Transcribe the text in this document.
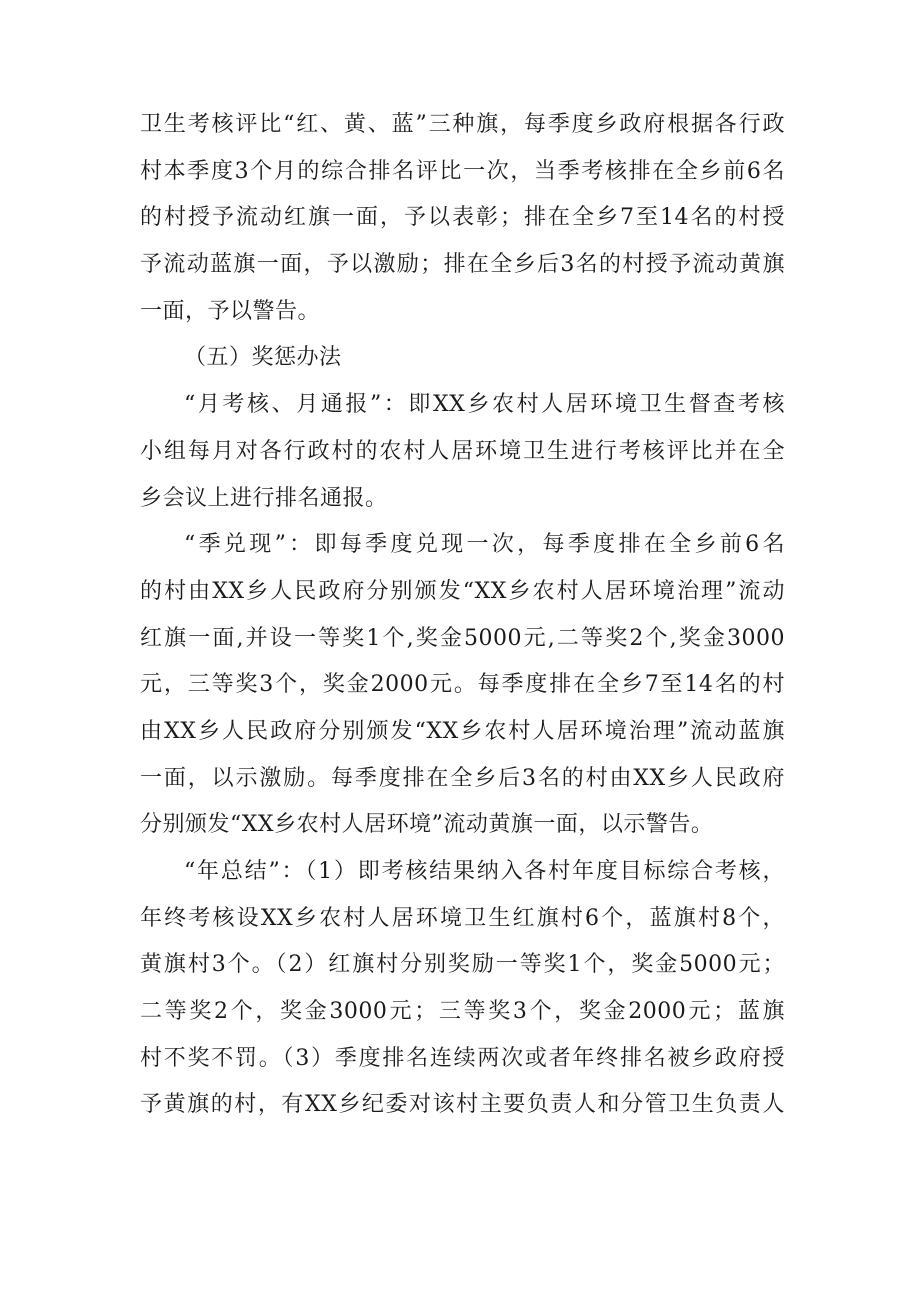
卫生考核评比“红、黄、蓝”三种旗，每季度乡政府根据各行政
村本季度3个月的综合排名评比一次，当季考核排在全乡前6名
的村授予流动红旗一面，予以表彰；排在全乡7至14名的村授
予流动蓝旗一面，予以激励；排在全乡后3名的村授予流动黄旗
一面，予以警告。
（五）奖惩办法
“月考核、月通报”：即XX乡农村人居环境卫生督查考核
小组每月对各行政村的农村人居环境卫生进行考核评比并在全
乡会议上进行排名通报。
“季兑现”：即每季度兑现一次，每季度排在全乡前6名
的村由XX乡人民政府分别颁发“XX乡农村人居环境治理”流动
红旗一面,并设一等奖1个,奖金5000元,二等奖2个,奖金3000
元，三等奖3个，奖金2000元。每季度排在全乡7至14名的村
由XX乡人民政府分别颁发“XX乡农村人居环境治理”流动蓝旗
一面，以示激励。每季度排在全乡后3名的村由XX乡人民政府
分别颁发“XX乡农村人居环境”流动黄旗一面，以示警告。
“年总结”：（1）即考核结果纳入各村年度目标综合考核，
年终考核设XX乡农村人居环境卫生红旗村6个，蓝旗村8个，
黄旗村3个。（2）红旗村分别奖励一等奖1个，奖金5000元；
二等奖2个，奖金3000元；三等奖3个，奖金2000元；蓝旗
村不奖不罚。（3）季度排名连续两次或者年终排名被乡政府授
予黄旗的村，有XX乡纪委对该村主要负责人和分管卫生负责人
